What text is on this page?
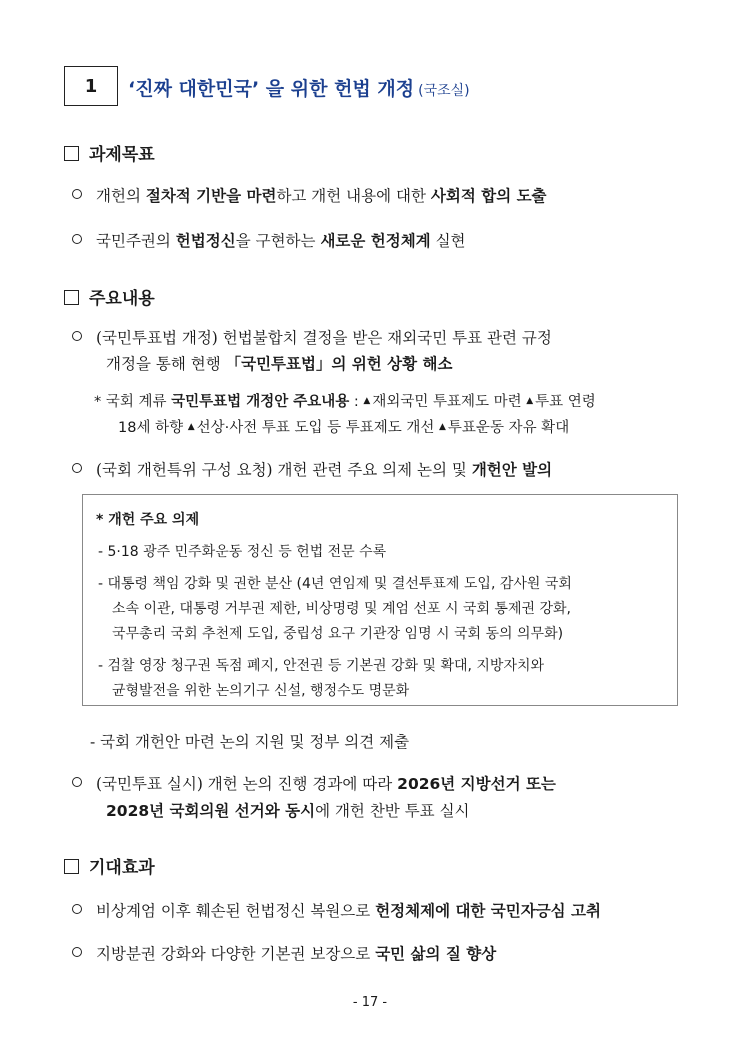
1 ‘진짜 대한민국’ 을 위한 헌법 개정 (국조실)
과제목표
개헌의 절차적 기반을 마련하고 개헌 내용에 대한 사회적 합의 도출
국민주권의 헌법정신을 구현하는 새로운 헌정체계 실현
주요내용
(국민투표법 개정) 헌법불합치 결정을 받은 재외국민 투표 관련 규정
개정을 통해 현행 「국민투표법」의 위헌 상황 해소
* 국회 계류 국민투표법 개정안 주요내용 : ▲ 재외국민 투표제도 마련 ▲ 투표 연령
18세 하향 ▲ 선상·사전 투표 도입 등 투표제도 개선 ▲ 투표운동 자유 확대
(국회 개헌특위 구성 요청) 개헌 관련 주요 의제 논의 및 개헌안 발의
* 개헌 주요 의제
- 5·18 광주 민주화운동 정신 등 헌법 전문 수록
- 대통령 책임 강화 및 권한 분산 (4년 연임제 및 결선투표제 도입, 감사원 국회
소속 이관, 대통령 거부권 제한, 비상명령 및 계엄 선포 시 국회 통제권 강화,
국무총리 국회 추천제 도입, 중립성 요구 기관장 임명 시 국회 동의 의무화)
- 검찰 영장 청구권 독점 폐지, 안전권 등 기본권 강화 및 확대, 지방자치와
균형발전을 위한 논의기구 신설, 행정수도 명문화
- 국회 개헌안 마련 논의 지원 및 정부 의견 제출
(국민투표 실시) 개헌 논의 진행 경과에 따라 2026년 지방선거 또는
2028년 국회의원 선거와 동시에 개헌 찬반 투표 실시
기대효과
비상계엄 이후 훼손된 헌법정신 복원으로 헌정체제에 대한 국민자긍심 고취
지방분권 강화와 다양한 기본권 보장으로 국민 삶의 질 향상
- 17 -
